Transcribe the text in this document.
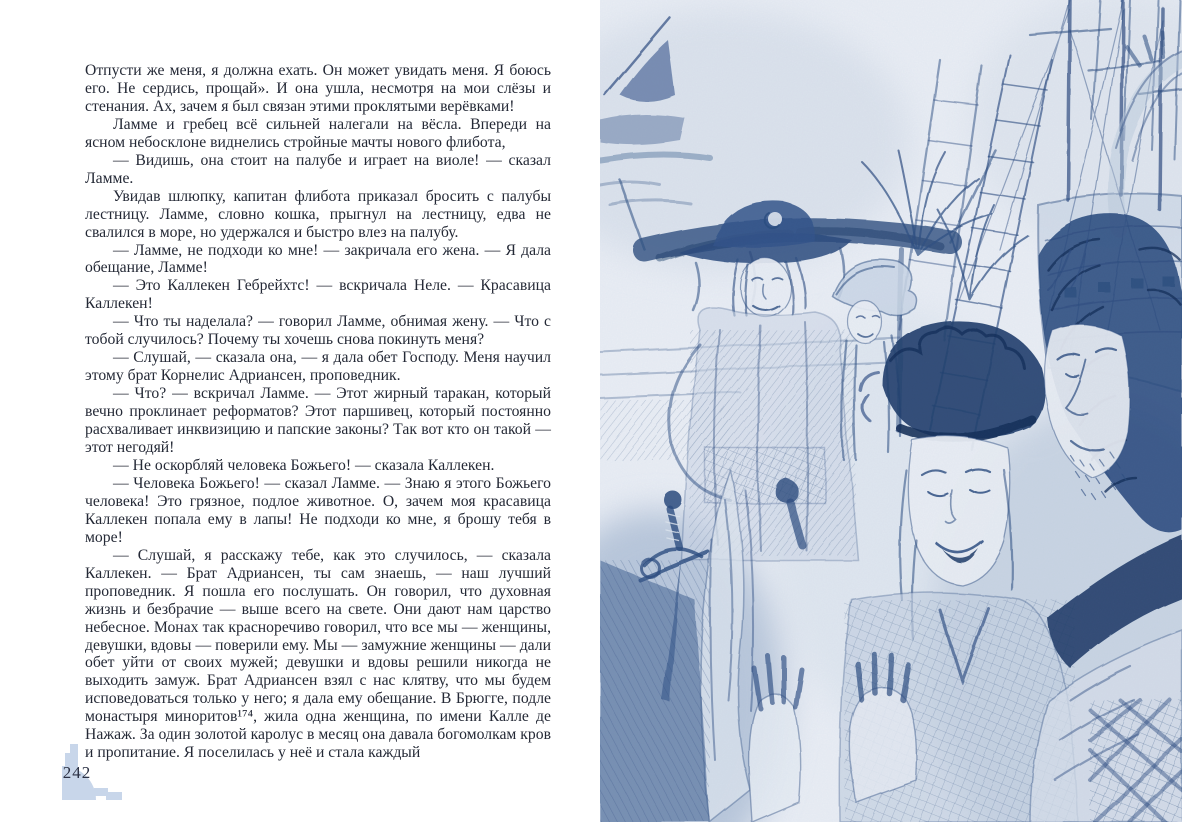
Отпусти же меня, я должна ехать. Он может увидать меня. Я боюсь его. Не сердись, прощай». И она ушла, несмотря на мои слёзы и стенания. Ах, зачем я был связан этими проклятыми верёвками!

Ламме и гребец всё сильней налегали на вёсла. Впереди на ясном небосклоне виднелись стройные мачты нового флибота,

— Видишь, она стоит на палубе и играет на виоле! — сказал Ламме.

Увидав шлюпку, капитан флибота приказал бросить с палубы лестницу. Ламме, словно кошка, прыгнул на лестницу, едва не свалился в море, но удержался и быстро влез на палубу.

— Ламме, не подходи ко мне! — закричала его жена. — Я дала обещание, Ламме!

— Это Каллекен Гебрейхтс! — вскричала Неле. — Красавица Каллекен!

— Что ты наделала? — говорил Ламме, обнимая жену. — Что с тобой случилось? Почему ты хочешь снова покинуть меня?

— Слушай, — сказала она, — я дала обет Господу. Меня научил этому брат Корнелис Адриансен, проповедник.

— Что? — вскричал Ламме. — Этот жирный таракан, который вечно проклинает реформатов? Этот паршивец, который постоянно расхваливает инквизицию и папские законы? Так вот кто он такой — этот негодяй!

— Не оскорбляй человека Божьего! — сказала Каллекен.

— Человека Божьего! — сказал Ламме. — Знаю я этого Божьего человека! Это грязное, подлое животное. О, зачем моя красавица Каллекен попала ему в лапы! Не подходи ко мне, я брошу тебя в море!

— Слушай, я расскажу тебе, как это случилось, — сказала Каллекен. — Брат Адриансен, ты сам знаешь, — наш лучший проповедник. Я пошла его послушать. Он говорил, что духовная жизнь и безбрачие — выше всего на свете. Они дают нам царство небесное. Монах так красноречиво говорил, что все мы — женщины, девушки, вдовы — поверили ему. Мы — замужние женщины — дали обет уйти от своих мужей; девушки и вдовы решили никогда не выходить замуж. Брат Адриансен взял с нас клятву, что мы будем исповедоваться только у него; я дала ему обещание. В Брюгге, подле монастыря миноритов¹⁷⁴, жила одна женщина, по имени Калле де Нажаж. За один золотой каролус в месяц она давала богомолкам кров и пропитание. Я поселилась у неё и стала каждый

242
